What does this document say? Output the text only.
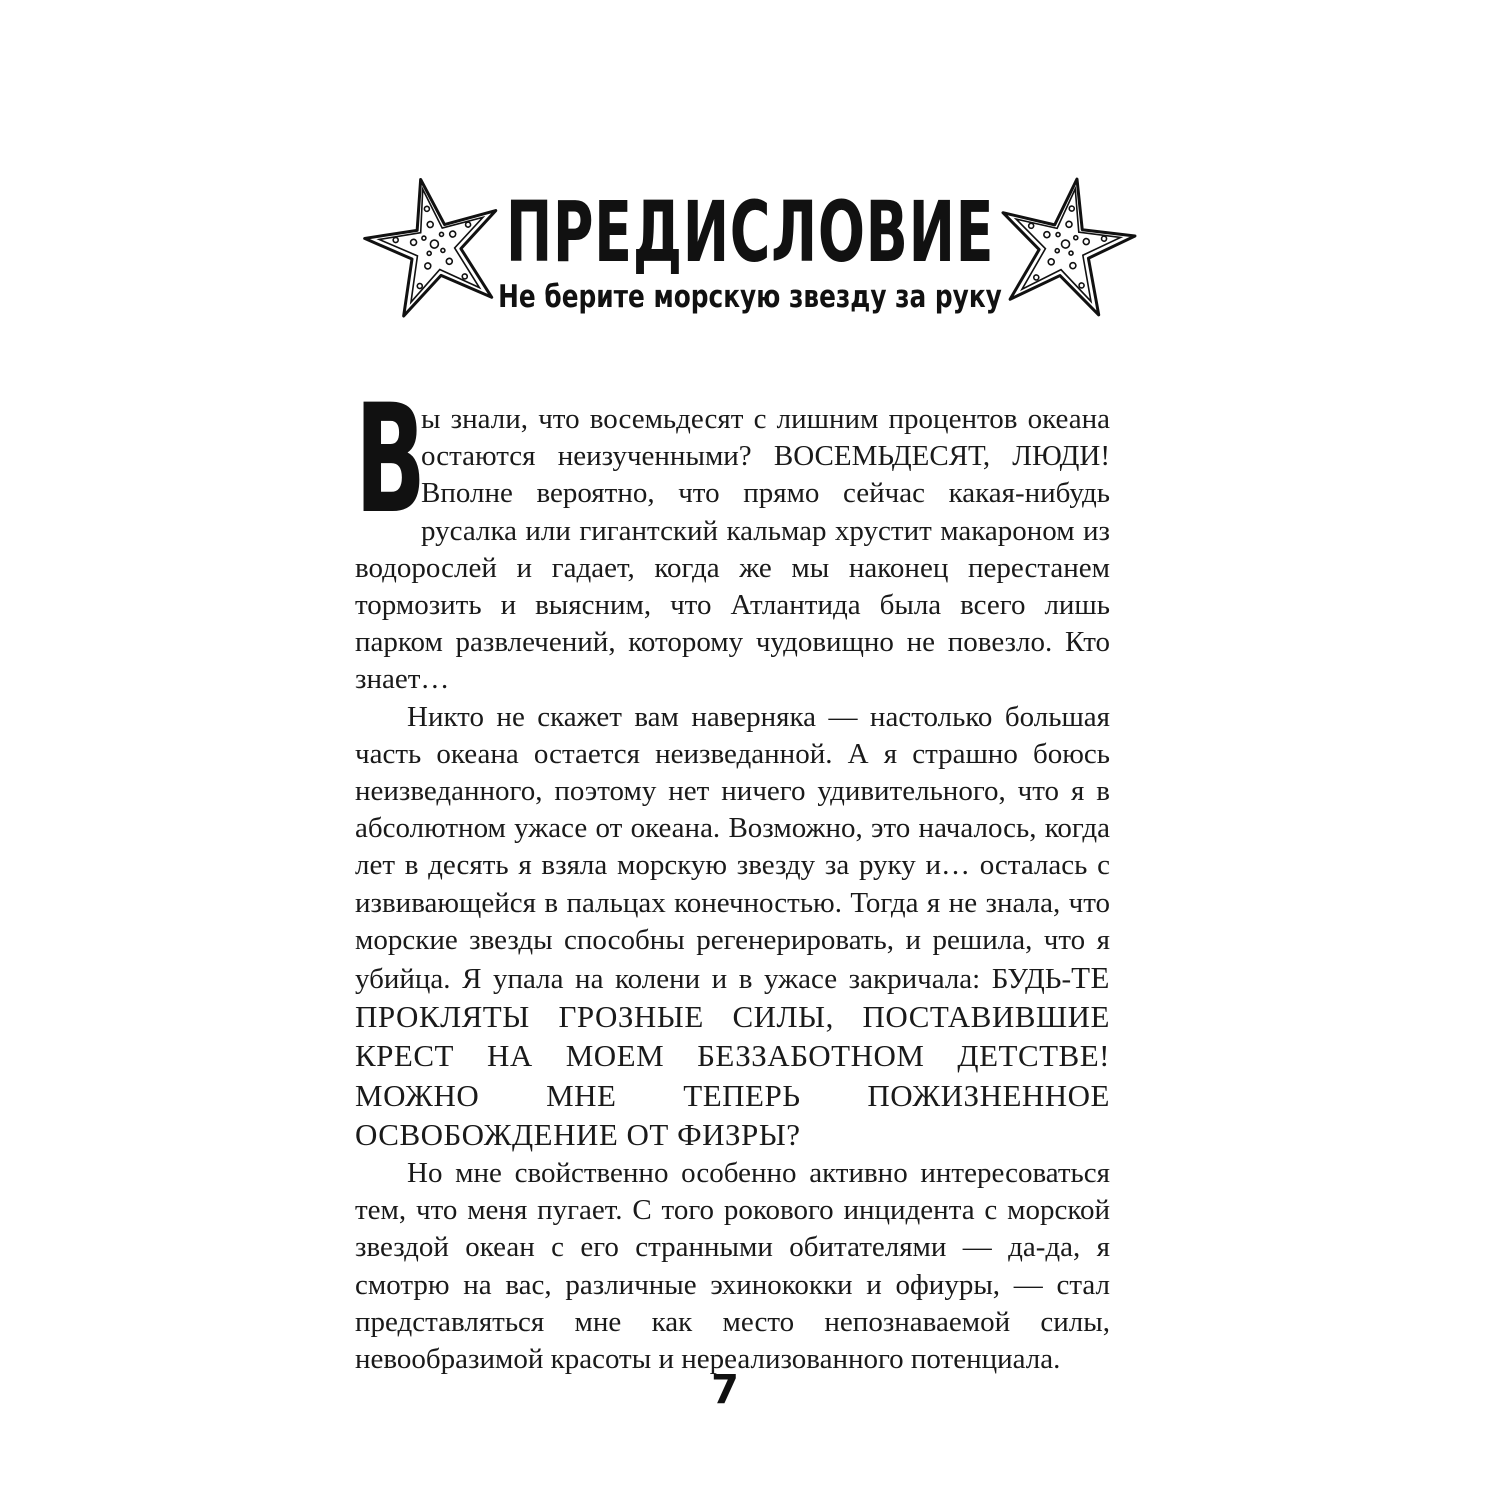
ПРЕДИСЛОВИЕ
Не берите морскую звезду за руку

В
ы знали, что восемьдесят с лишним процентов океана остаются неизученными? ВОСЕМЬДЕСЯТ, ЛЮДИ! Вполне вероятно, что прямо сейчас какая-нибудь русалка или гигантский кальмар хрустит макароном из водорослей и гадает, когда же мы наконец перестанем тормозить и выясним, что Атлантида была всего лишь парком развлечений, которому чудовищно не повезло. Кто знает…

Никто не скажет вам наверняка — настолько большая часть океана остается неизведанной. А я страшно боюсь неизведанного, поэтому нет ничего удивительного, что я в абсолютном ужасе от океана. Возможно, это началось, когда лет в десять я взяла морскую звезду за руку и… осталась с извивающейся в пальцах конечностью. Тогда я не знала, что морские звезды способны регенерировать, и решила, что я убийца. Я упала на колени и в ужасе закричала: БУДЬ-ТЕ ПРОКЛЯТЫ ГРОЗНЫЕ СИЛЫ, ПОСТАВИВШИЕ КРЕСТ НА МОЕМ БЕЗЗАБОТНОМ ДЕТСТВЕ! МОЖНО МНЕ ТЕПЕРЬ ПОЖИЗНЕННОЕ ОСВОБОЖДЕНИЕ ОТ ФИЗРЫ?

Но мне свойственно особенно активно интересоваться тем, что меня пугает. С того рокового инцидента с морской звездой океан с его странными обитателями — да-да, я смотрю на вас, различные эхинококки и офиуры, — стал представляться мне как место непознаваемой силы, невообразимой красоты и нереализованного потенциала.

7
